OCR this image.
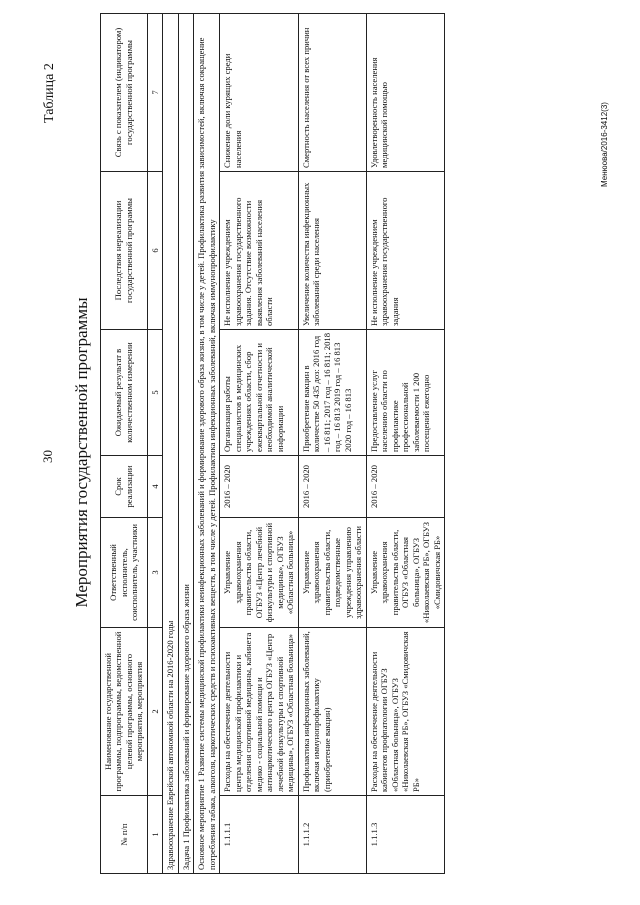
30
Таблица 2
Мероприятия государственной программы
№ п/п	Наименование государственной программы, подпрограммы, ведомственной целевой программы, основного мероприятия, мероприятия	Ответственный исполнитель, соисполнитель, участники	Срок реализации	Ожидаемый результат в количественном измерении	Последствия нереализации государственной программы	Связь с показателем (индикатором) государственной программы
1	2	3	4	5	6	7
Здравоохранение Еврейской автономной области на 2016-2020 годы						
Задача 1 Профилактика заболеваний и формирование здорового образа жизни						
Основное мероприятие 1 Развитие системы медицинской профилактики неинфекционных заболеваний и формирование здорового образа жизни, в том числе у детей. Профилактика развития зависимостей, включая сокращение потребления табака, алкоголя, наркотических средств и психоактивных веществ, в том числе у детей. Профилактика инфекционных заболеваний, включая иммунопрофилактику						
1.1.1.1	Расходы на обеспечение деятельности центра медицинской профилактики и отделения спортивной медицины, кабинета медико - социальной помощи и антинаркотического центра ОГБУЗ «Центр лечебной физкультуры и спортивной медицины», ОГБУЗ «Областная больница»	Управление здравоохранения правительства области, ОГБУЗ «Центр лечебной физкультуры и спортивной медицины», ОГБУЗ «Областная больница»	2016 – 2020	Организация работы специалистов в медицинских учреждениях области, сбор ежеквартальной отчетности и необходимой аналитической информации	Не исполнение учреждением здравоохранения государственного задания. Отсутствие возможности выявления заболеваний населения области	Снижение доли курящих среди населения
1.1.1.2	Профилактика инфекционных заболеваний, включая иммунопрофилактику (приобретение вакцин)	Управление здравоохранения правительства области, подведомственные учреждения управлению здравоохранения области	2016 – 2020	Приобретение вакцин в количестве 50 435 доз: 2016 год – 16 811; 2017 год – 16 811; 2018 год – 16 813 2019 год – 16 813 2020 год – 16 813	Увеличение количества инфекционных заболеваний среди населения	Смертность населения от всех причин
1.1.1.3	Расходы на обеспечение деятельности кабинетов профпатологии ОГБУЗ «Областная больница», ОГБУЗ «Николаевская РБ», ОГБУЗ «Смидовичская РБ»	Управление здравоохранения правительства области, ОГБУЗ «Областная больница», ОГБУЗ «Николаевская РБ», ОГБУЗ «Смидовичская РБ»	2016 – 2020	Предоставление услуг населению области по профилактике профессиональной заболеваемости 1 200 посещений ежегодно	Не исполнение учреждением здравоохранения государственного задания	Удовлетворенность населения медицинской помощью	Менюова/2016-3412(3)
